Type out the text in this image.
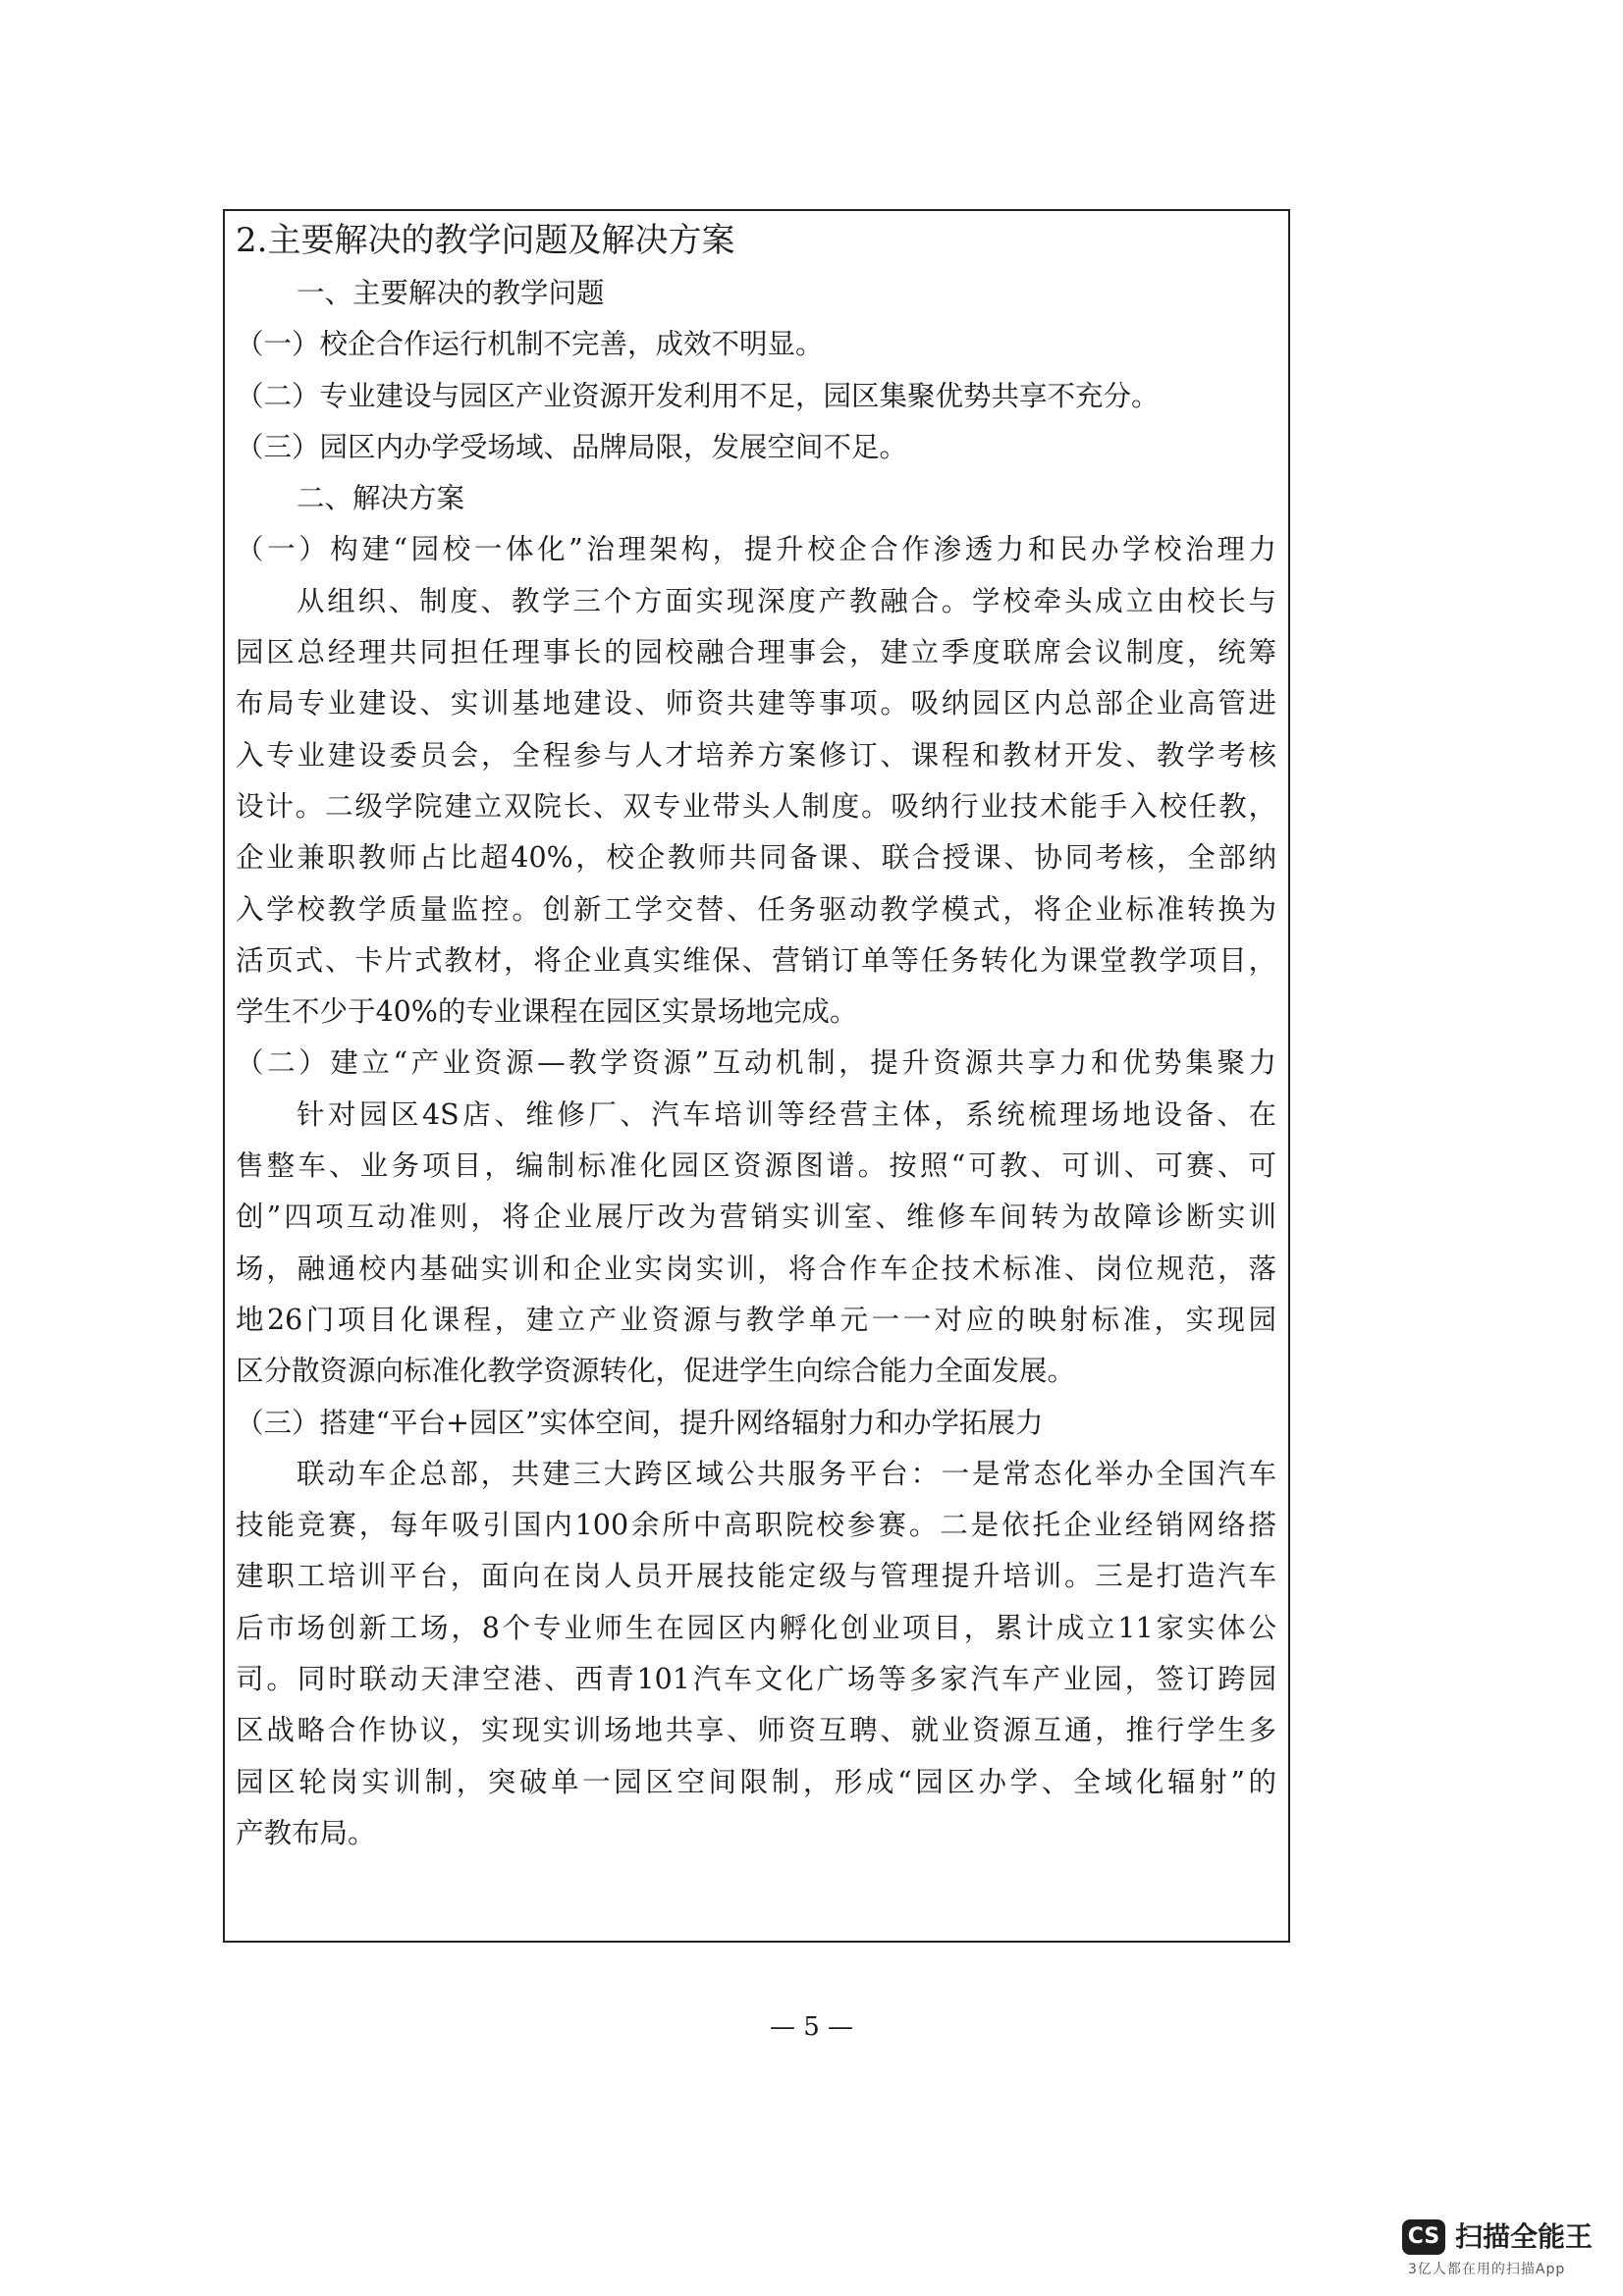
2.主要解决的教学问题及解决方案
一、主要解决的教学问题
（一）校企合作运行机制不完善，成效不明显。
（二）专业建设与园区产业资源开发利用不足，园区集聚优势共享不充分。
（三）园区内办学受场域、品牌局限，发展空间不足。
二、解决方案
（一）构建“园校一体化”治理架构，提升校企合作渗透力和民办学校治理力
从组织、制度、教学三个方面实现深度产教融合。学校牵头成立由校长与
园区总经理共同担任理事长的园校融合理事会，建立季度联席会议制度，统筹
布局专业建设、实训基地建设、师资共建等事项。吸纳园区内总部企业高管进
入专业建设委员会，全程参与人才培养方案修订、课程和教材开发、教学考核
设计。二级学院建立双院长、双专业带头人制度。吸纳行业技术能手入校任教，
企业兼职教师占比超40%，校企教师共同备课、联合授课、协同考核，全部纳
入学校教学质量监控。创新工学交替、任务驱动教学模式，将企业标准转换为
活页式、卡片式教材，将企业真实维保、营销订单等任务转化为课堂教学项目，
学生不少于40%的专业课程在园区实景场地完成。
（二）建立“产业资源—教学资源”互动机制，提升资源共享力和优势集聚力
针对园区4S店、维修厂、汽车培训等经营主体，系统梳理场地设备、在
售整车、业务项目，编制标准化园区资源图谱。按照“可教、可训、可赛、可
创”四项互动准则，将企业展厅改为营销实训室、维修车间转为故障诊断实训
场，融通校内基础实训和企业实岗实训，将合作车企技术标准、岗位规范，落
地26门项目化课程，建立产业资源与教学单元一一对应的映射标准，实现园
区分散资源向标准化教学资源转化，促进学生向综合能力全面发展。
（三）搭建“平台+园区”实体空间，提升网络辐射力和办学拓展力
联动车企总部，共建三大跨区域公共服务平台：一是常态化举办全国汽车
技能竞赛，每年吸引国内100余所中高职院校参赛。二是依托企业经销网络搭
建职工培训平台，面向在岗人员开展技能定级与管理提升培训。三是打造汽车
后市场创新工场，8个专业师生在园区内孵化创业项目，累计成立11家实体公
司。同时联动天津空港、西青101汽车文化广场等多家汽车产业园，签订跨园
区战略合作协议，实现实训场地共享、师资互聘、就业资源互通，推行学生多
园区轮岗实训制，突破单一园区空间限制，形成“园区办学、全域化辐射”的
产教布局。
— 5 —
CS 扫描全能王
3亿人都在用的扫描App
